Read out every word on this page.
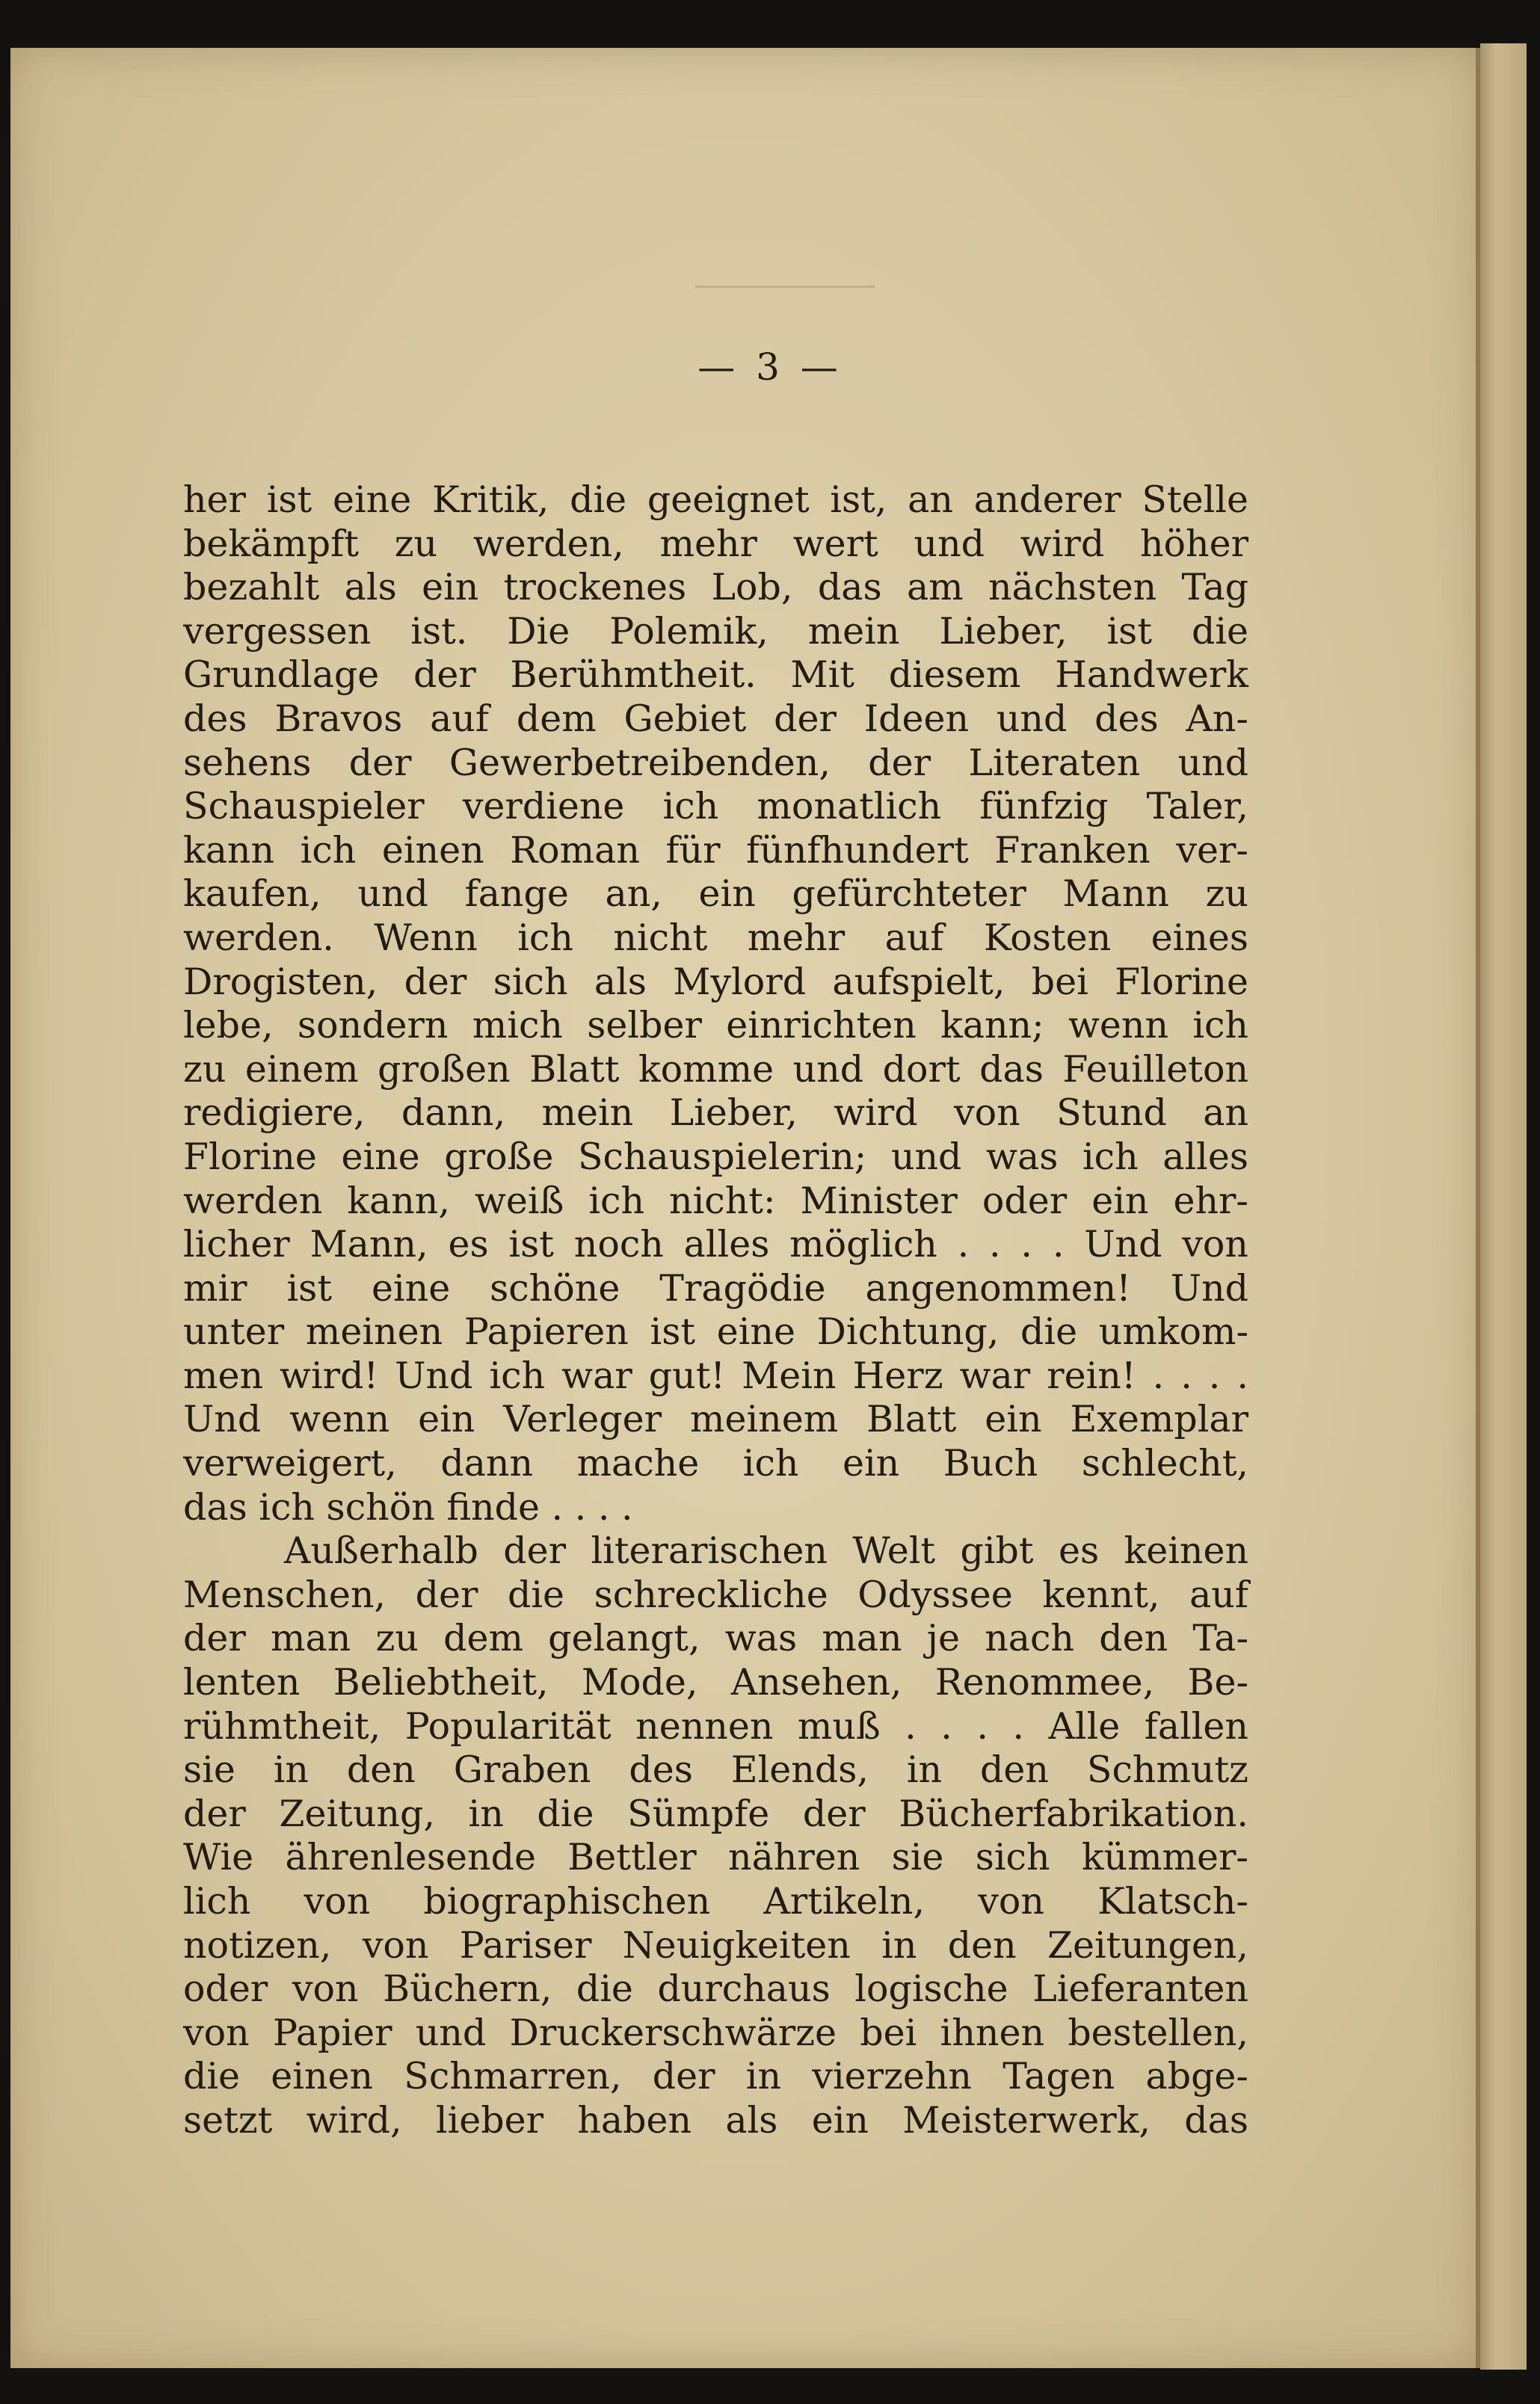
— 3 —
her ist eine Kritik, die geeignet ist, an anderer Stelle
bekämpft zu werden, mehr wert und wird höher
bezahlt als ein trockenes Lob, das am nächsten Tag
vergessen ist. Die Polemik, mein Lieber, ist die
Grundlage der Berühmtheit. Mit diesem Handwerk
des Bravos auf dem Gebiet der Ideen und des An-
sehens der Gewerbetreibenden, der Literaten und
Schauspieler verdiene ich monatlich fünfzig Taler,
kann ich einen Roman für fünfhundert Franken ver-
kaufen, und fange an, ein gefürchteter Mann zu
werden. Wenn ich nicht mehr auf Kosten eines
Drogisten, der sich als Mylord aufspielt, bei Florine
lebe, sondern mich selber einrichten kann; wenn ich
zu einem großen Blatt komme und dort das Feuilleton
redigiere, dann, mein Lieber, wird von Stund an
Florine eine große Schauspielerin; und was ich alles
werden kann, weiß ich nicht: Minister oder ein ehr-
licher Mann, es ist noch alles möglich . . . . Und von
mir ist eine schöne Tragödie angenommen! Und
unter meinen Papieren ist eine Dichtung, die umkom-
men wird! Und ich war gut! Mein Herz war rein! . . . .
Und wenn ein Verleger meinem Blatt ein Exemplar
verweigert, dann mache ich ein Buch schlecht,
das ich schön finde . . . .
Außerhalb der literarischen Welt gibt es keinen
Menschen, der die schreckliche Odyssee kennt, auf
der man zu dem gelangt, was man je nach den Ta-
lenten Beliebtheit, Mode, Ansehen, Renommee, Be-
rühmtheit, Popularität nennen muß . . . . Alle fallen
sie in den Graben des Elends, in den Schmutz
der Zeitung, in die Sümpfe der Bücherfabrikation.
Wie ährenlesende Bettler nähren sie sich kümmer-
lich von biographischen Artikeln, von Klatsch-
notizen, von Pariser Neuigkeiten in den Zeitungen,
oder von Büchern, die durchaus logische Lieferanten
von Papier und Druckerschwärze bei ihnen bestellen,
die einen Schmarren, der in vierzehn Tagen abge-
setzt wird, lieber haben als ein Meisterwerk, das
